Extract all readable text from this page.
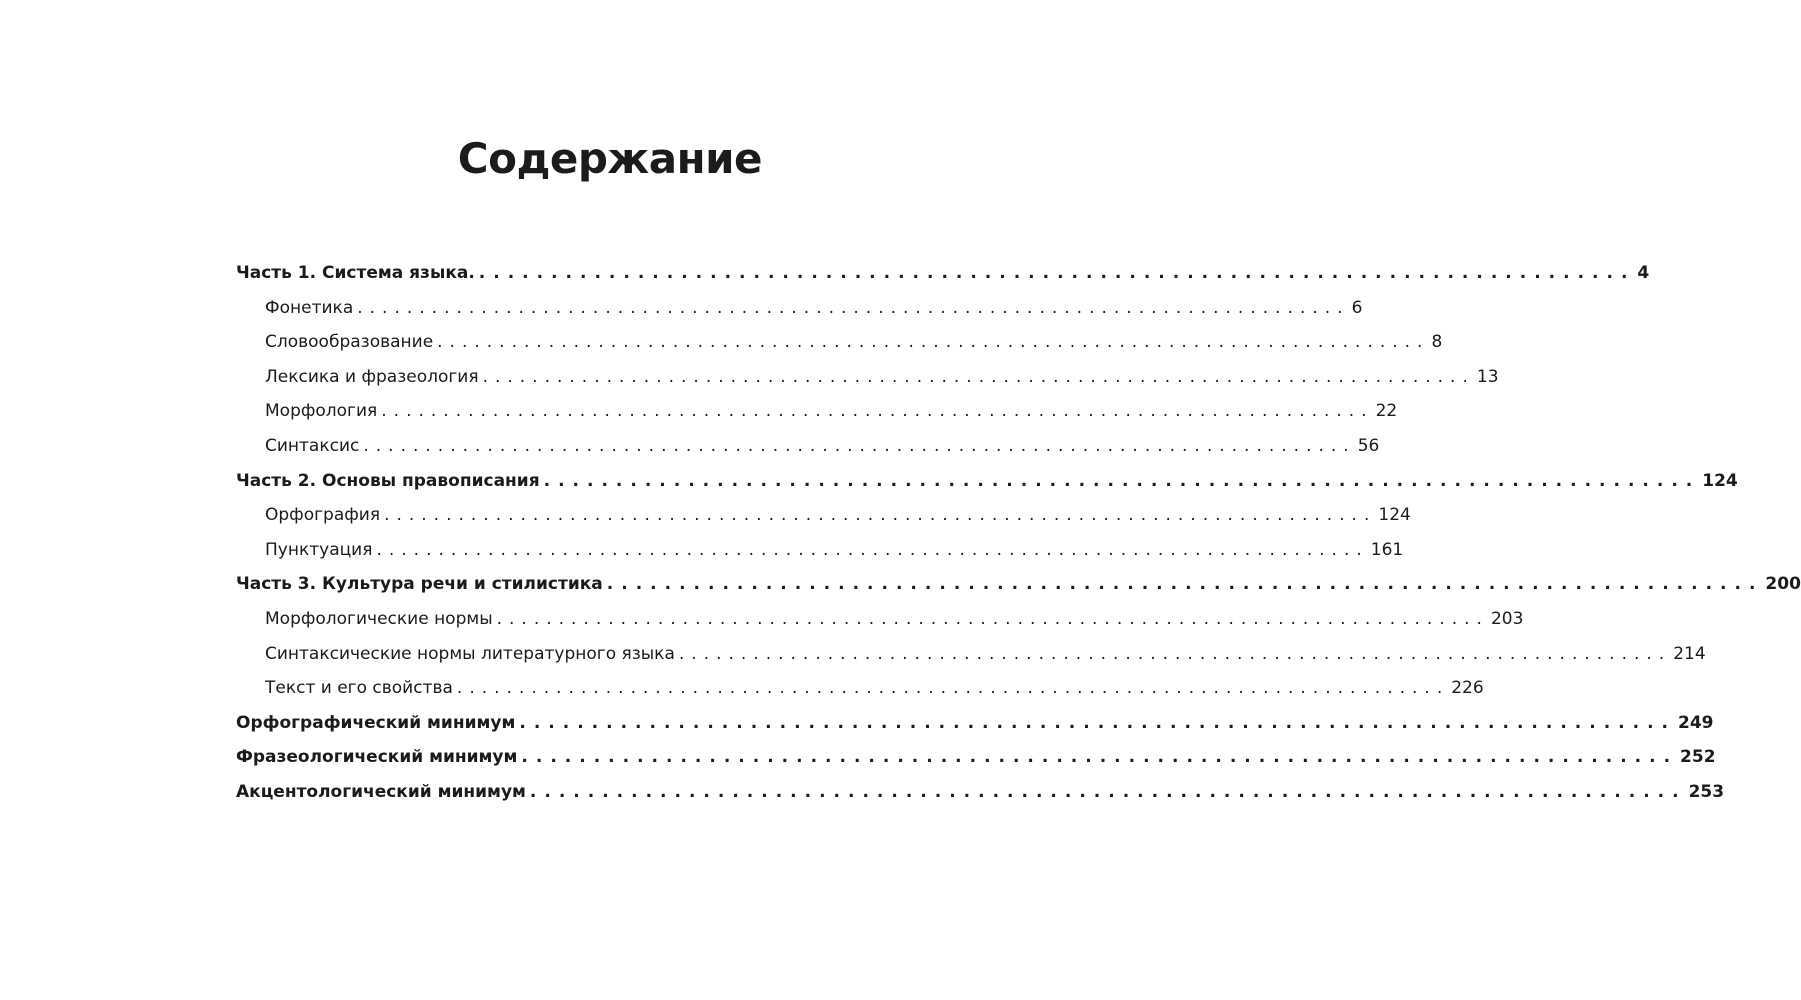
Содержание
Часть 1. Система языка. ................................................................................ 4
Фонетика ................................................................................ 6
Словообразование ................................................................................ 8
Лексика и фразеология ................................................................................ 13
Морфология ................................................................................ 22
Синтаксис ................................................................................ 56
Часть 2. Основы правописания ................................................................................ 124
Орфография ................................................................................ 124
Пунктуация ................................................................................ 161
Часть 3. Культура речи и стилистика ................................................................................ 200
Морфологические нормы ................................................................................ 203
Синтаксические нормы литературного языка ................................................................................ 214
Текст и его свойства ................................................................................ 226
Орфографический минимум ................................................................................ 249
Фразеологический минимум ................................................................................ 252
Акцентологический минимум ................................................................................ 253
